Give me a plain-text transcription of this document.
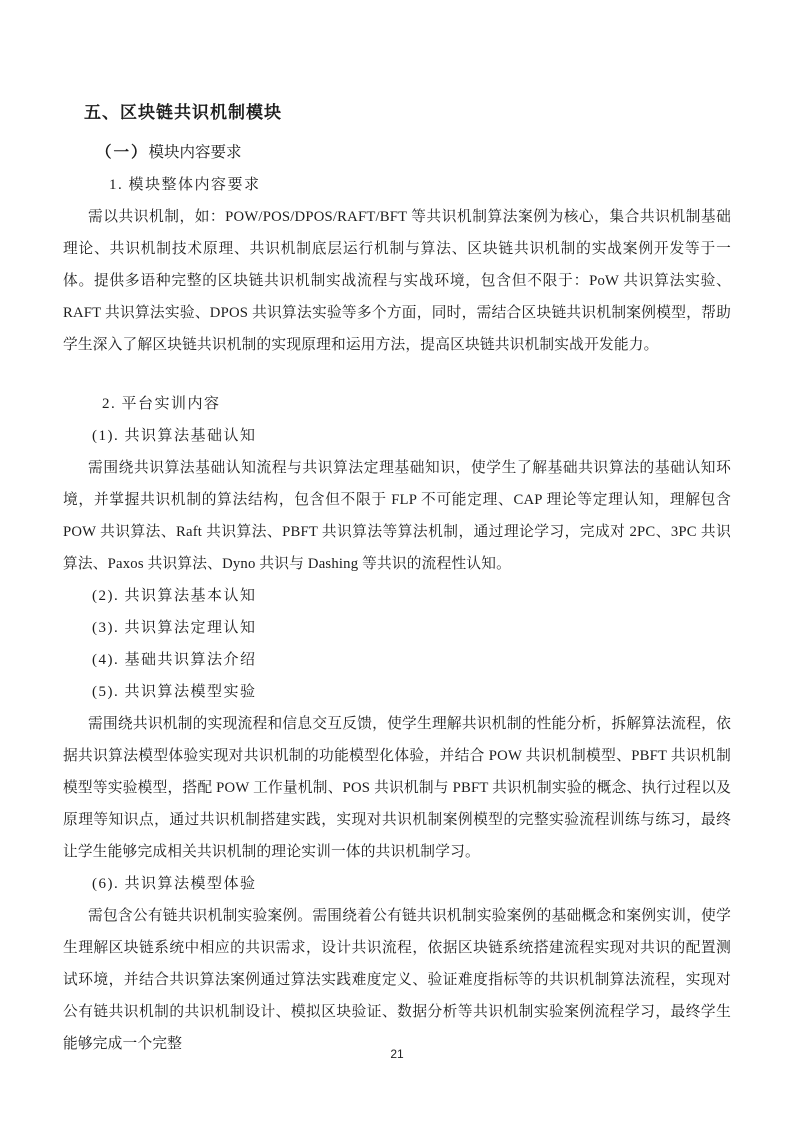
五、区块链共识机制模块
（一）模块内容要求
1. 模块整体内容要求

需以共识机制，如：POW/POS/DPOS/RAFT/BFT 等共识机制算法案例为核心，集合共识机制基础理论、共识机制技术原理、共识机制底层运行机制与算法、区块链共识机制的实战案例开发等于一体。提供多语种完整的区块链共识机制实战流程与实战环境，包含但不限于：PoW 共识算法实验、RAFT 共识算法实验、DPOS 共识算法实验等多个方面，同时，需结合区块链共识机制案例模型，帮助学生深入了解区块链共识机制的实现原理和运用方法，提高区块链共识机制实战开发能力。

2. 平台实训内容
(1). 共识算法基础认知

需围绕共识算法基础认知流程与共识算法定理基础知识，使学生了解基础共识算法的基础认知环境，并掌握共识机制的算法结构，包含但不限于 FLP 不可能定理、CAP 理论等定理认知，理解包含 POW 共识算法、Raft 共识算法、PBFT 共识算法等算法机制，通过理论学习，完成对 2PC、3PC 共识算法、Paxos 共识算法、Dyno 共识与 Dashing 等共识的流程性认知。

(2). 共识算法基本认知
(3). 共识算法定理认知
(4). 基础共识算法介绍
(5). 共识算法模型实验

需围绕共识机制的实现流程和信息交互反馈，使学生理解共识机制的性能分析，拆解算法流程，依据共识算法模型体验实现对共识机制的功能模型化体验，并结合 POW 共识机制模型、PBFT 共识机制模型等实验模型，搭配 POW 工作量机制、POS 共识机制与 PBFT 共识机制实验的概念、执行过程以及原理等知识点，通过共识机制搭建实践，实现对共识机制案例模型的完整实验流程训练与练习，最终让学生能够完成相关共识机制的理论实训一体的共识机制学习。

(6). 共识算法模型体验

需包含公有链共识机制实验案例。需围绕着公有链共识机制实验案例的基础概念和案例实训，使学生理解区块链系统中相应的共识需求，设计共识流程，依据区块链系统搭建流程实现对共识的配置测试环境，并结合共识算法案例通过算法实践难度定义、验证难度指标等的共识机制算法流程，实现对公有链共识机制的共识机制设计、模拟区块验证、数据分析等共识机制实验案例流程学习，最终学生能够完成一个完整

21
